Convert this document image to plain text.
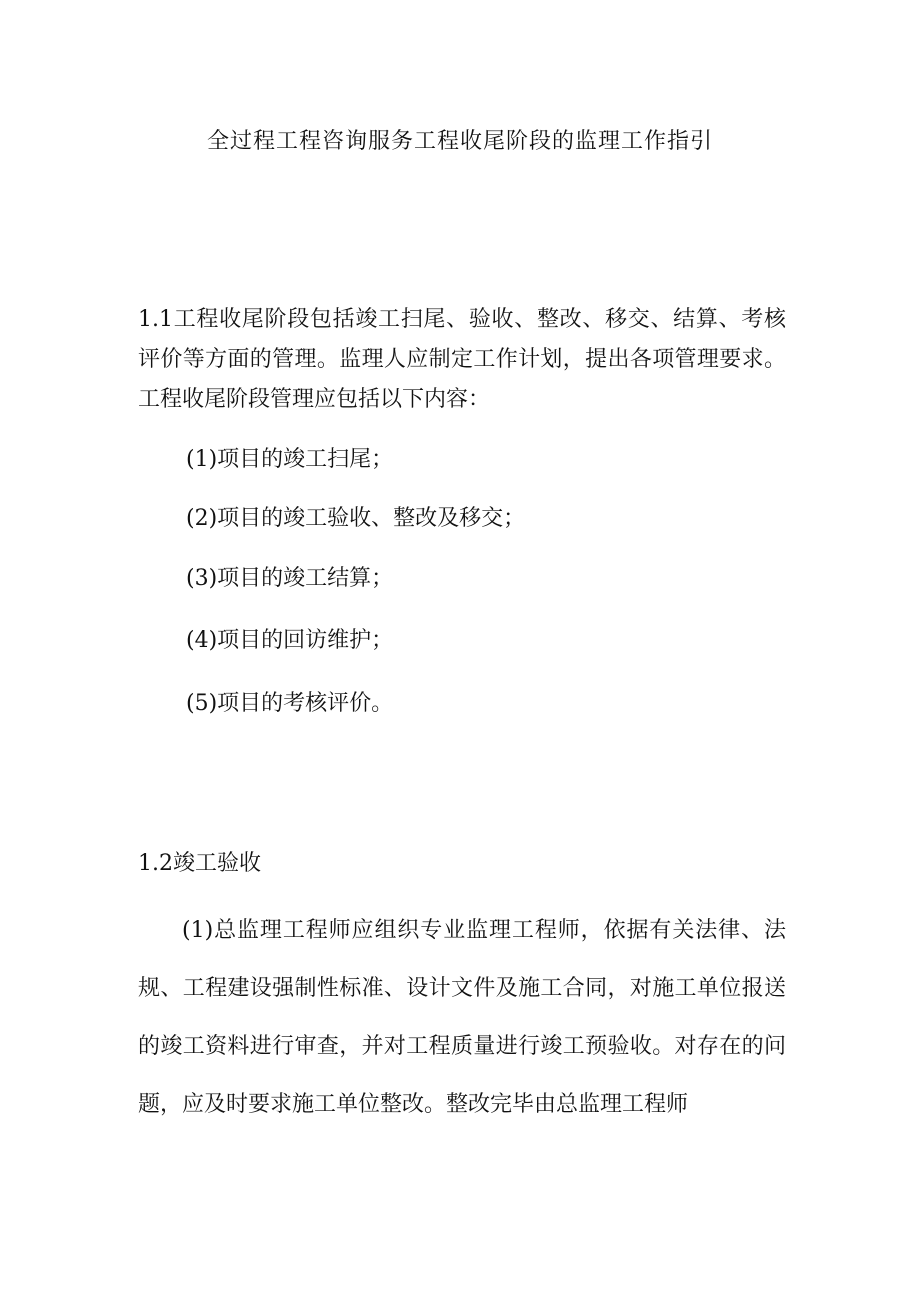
全过程工程咨询服务工程收尾阶段的监理工作指引

1.1工程收尾阶段包括竣工扫尾、验收、整改、移交、结算、考核评价等方面的管理。监理人应制定工作计划，提出各项管理要求。工程收尾阶段管理应包括以下内容：

(1)项目的竣工扫尾；
(2)项目的竣工验收、整改及移交；
(3)项目的竣工结算；
(4)项目的回访维护；
(5)项目的考核评价。
1.2竣工验收

(1)总监理工程师应组织专业监理工程师，依据有关法律、法规、工程建设强制性标准、设计文件及施工合同，对施工单位报送的竣工资料进行审查，并对工程质量进行竣工预验收。对存在的问题，应及时要求施工单位整改。整改完毕由总监理工程师
